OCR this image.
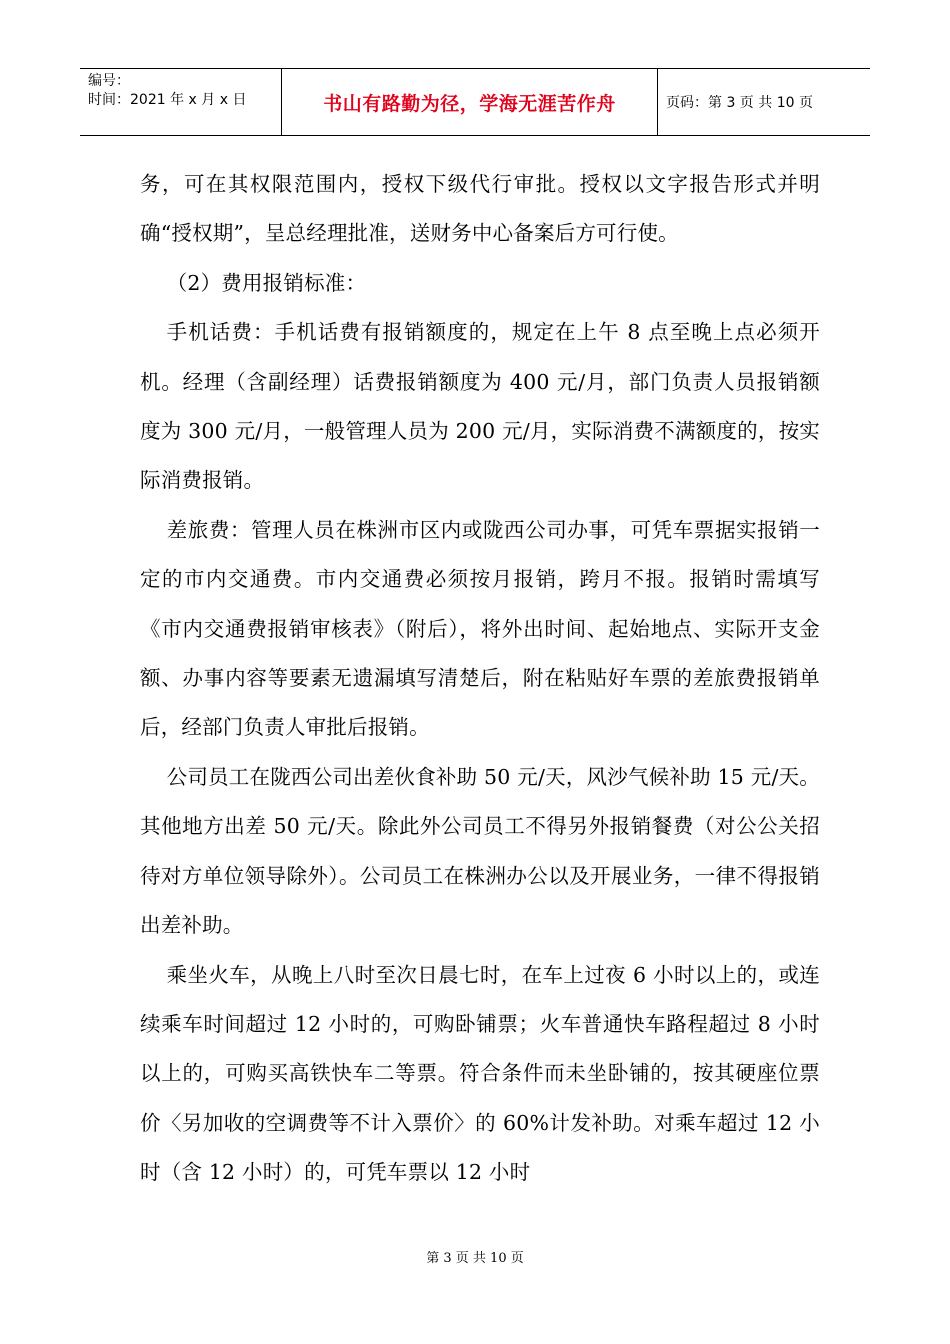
编号：
时间：2021 年 x 月 x 日	书山有路勤为径，学海无涯苦作舟	页码：第 3 页 共 10 页

务，可在其权限范围内，授权下级代行审批。授权以文字报告形式并明确“授权期”，呈总经理批准，送财务中心备案后方可行使。

（2）费用报销标准：

手机话费：手机话费有报销额度的，规定在上午 8 点至晚上点必须开机。经理（含副经理）话费报销额度为 400 元/月，部门负责人员报销额度为 300 元/月，一般管理人员为 200 元/月，实际消费不满额度的，按实际消费报销。

差旅费：管理人员在株洲市区内或陇西公司办事，可凭车票据实报销一定的市内交通费。市内交通费必须按月报销，跨月不报。报销时需填写《市内交通费报销审核表》（附后），将外出时间、起始地点、实际开支金额、办事内容等要素无遗漏填写清楚后，附在粘贴好车票的差旅费报销单后，经部门负责人审批后报销。

公司员工在陇西公司出差伙食补助 50 元/天，风沙气候补助 15 元/天。其他地方出差 50 元/天。除此外公司员工不得另外报销餐费（对公公关招待对方单位领导除外）。公司员工在株洲办公以及开展业务，一律不得报销出差补助。

乘坐火车，从晚上八时至次日晨七时，在车上过夜 6 小时以上的，或连续乘车时间超过 12 小时的，可购卧铺票；火车普通快车路程超过 8 小时以上的，可购买高铁快车二等票。符合条件而未坐卧铺的，按其硬座位票价〈另加收的空调费等不计入票价〉的 60%计发补助。对乘车超过 12 小时（含 12 小时）的，可凭车票以 12 小时

第 3 页 共 10 页
